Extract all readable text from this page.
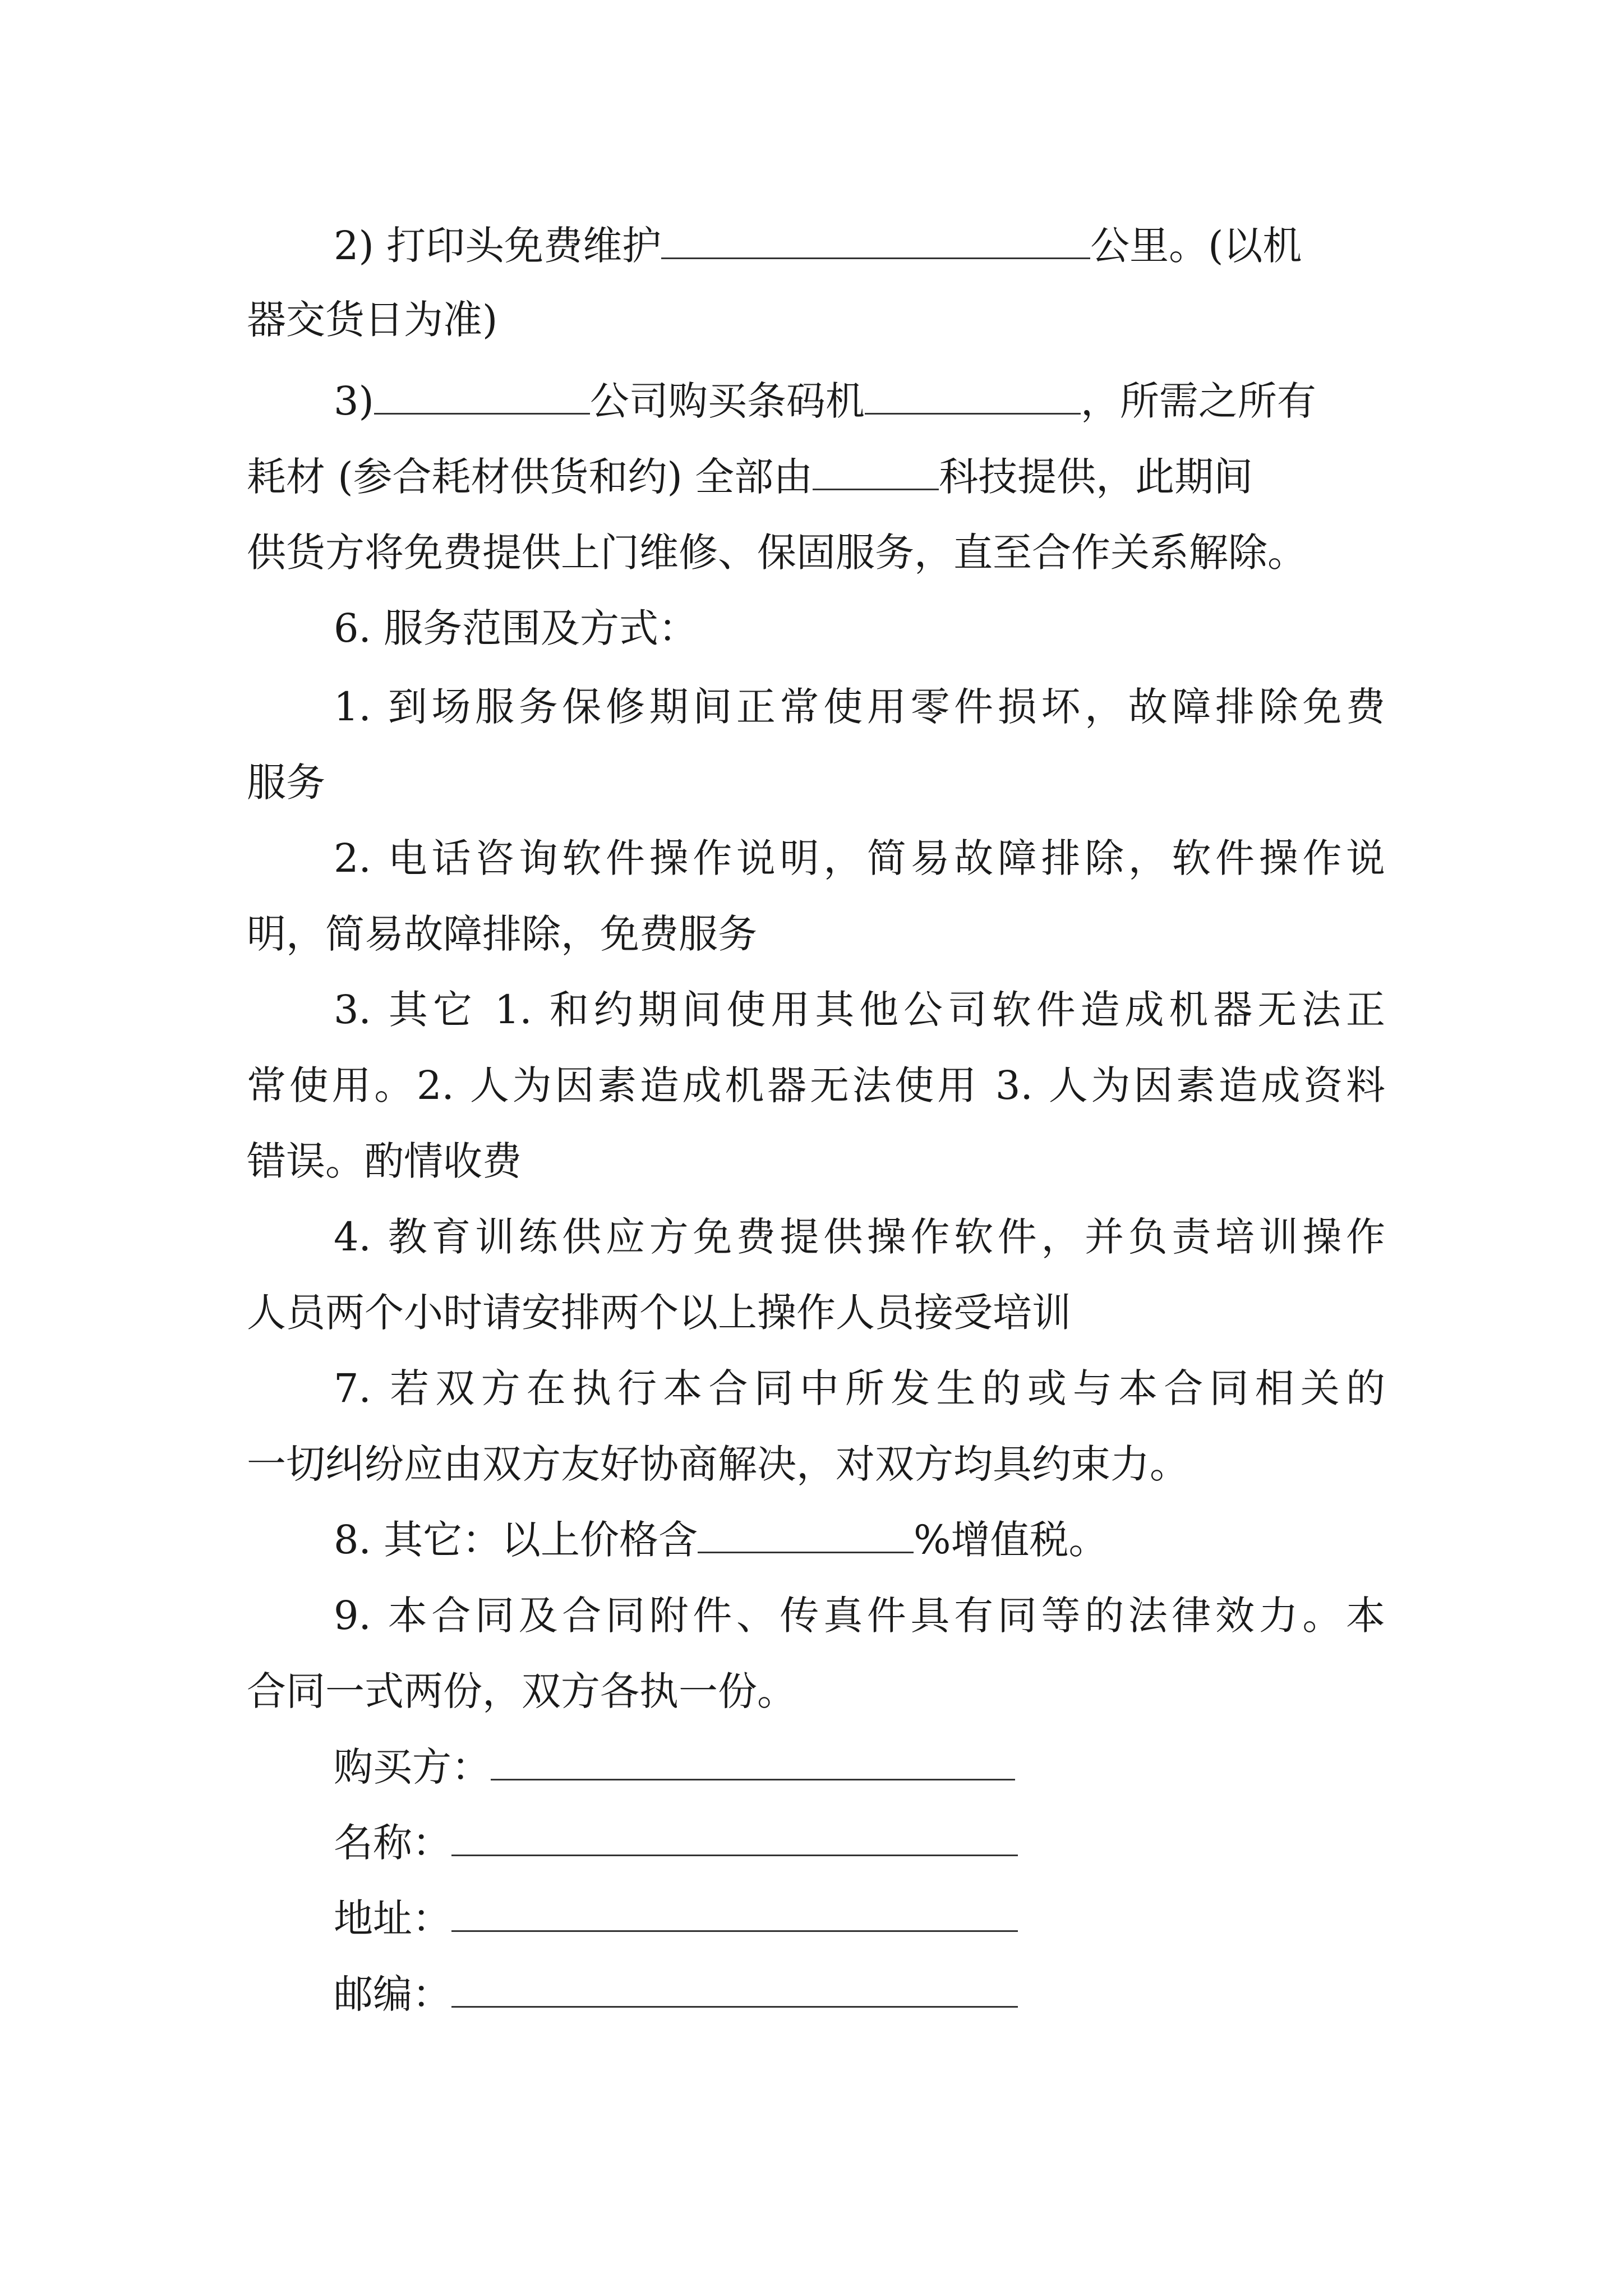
2) 打印头免费维护	公里。(以机
器交货日为准)
3)	公司购买条码机	，所需之所有
耗材 (参合耗材供货和约) 全部由	科技提供，此期间
供货方将免费提供上门维修、保固服务，直至合作关系解除。
6. 服务范围及方式：
1. 到场服务保修期间正常使用零件损坏，故障排除免费
服务
2. 电话咨询软件操作说明，简易故障排除，软件操作说
明，简易故障排除，免费服务
3. 其它 1. 和约期间使用其他公司软件造成机器无法正
常使用。2. 人为因素造成机器无法使用 3. 人为因素造成资料
错误。酌情收费
4. 教育训练供应方免费提供操作软件，并负责培训操作
人员两个小时请安排两个以上操作人员接受培训
7. 若双方在执行本合同中所发生的或与本合同相关的
一切纠纷应由双方友好协商解决，对双方均具约束力。
8. 其它：以上价格含	%增值税。
9. 本合同及合同附件、传真件具有同等的法律效力。本
合同一式两份，双方各执一份。
购买方：
名称：
地址：
邮编：
